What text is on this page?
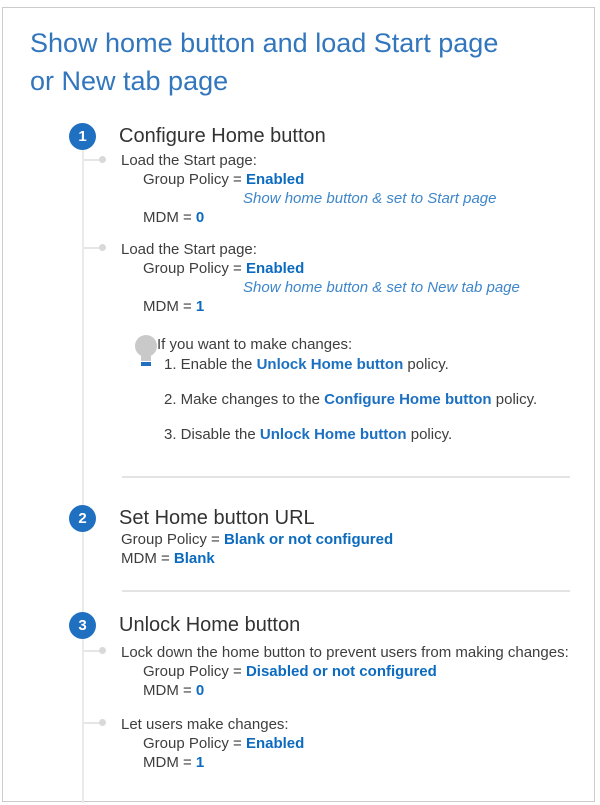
Show home button and load Start page
or New tab page
1	Configure Home button
Load the Start page:
Group Policy = Enabled
Show home button & set to Start page
MDM = 0
Load the Start page:
Group Policy = Enabled
Show home button & set to New tab page
MDM = 1
If you want to make changes:
1. Enable the Unlock Home button policy.
2. Make changes to the Configure Home button policy.
3. Disable the Unlock Home button policy.
2	Set Home button URL
Group Policy = Blank or not configured
MDM = Blank
3	Unlock Home button
Lock down the home button to prevent users from making changes:
Group Policy = Disabled or not configured
MDM = 0
Let users make changes:
Group Policy = Enabled
MDM = 1
